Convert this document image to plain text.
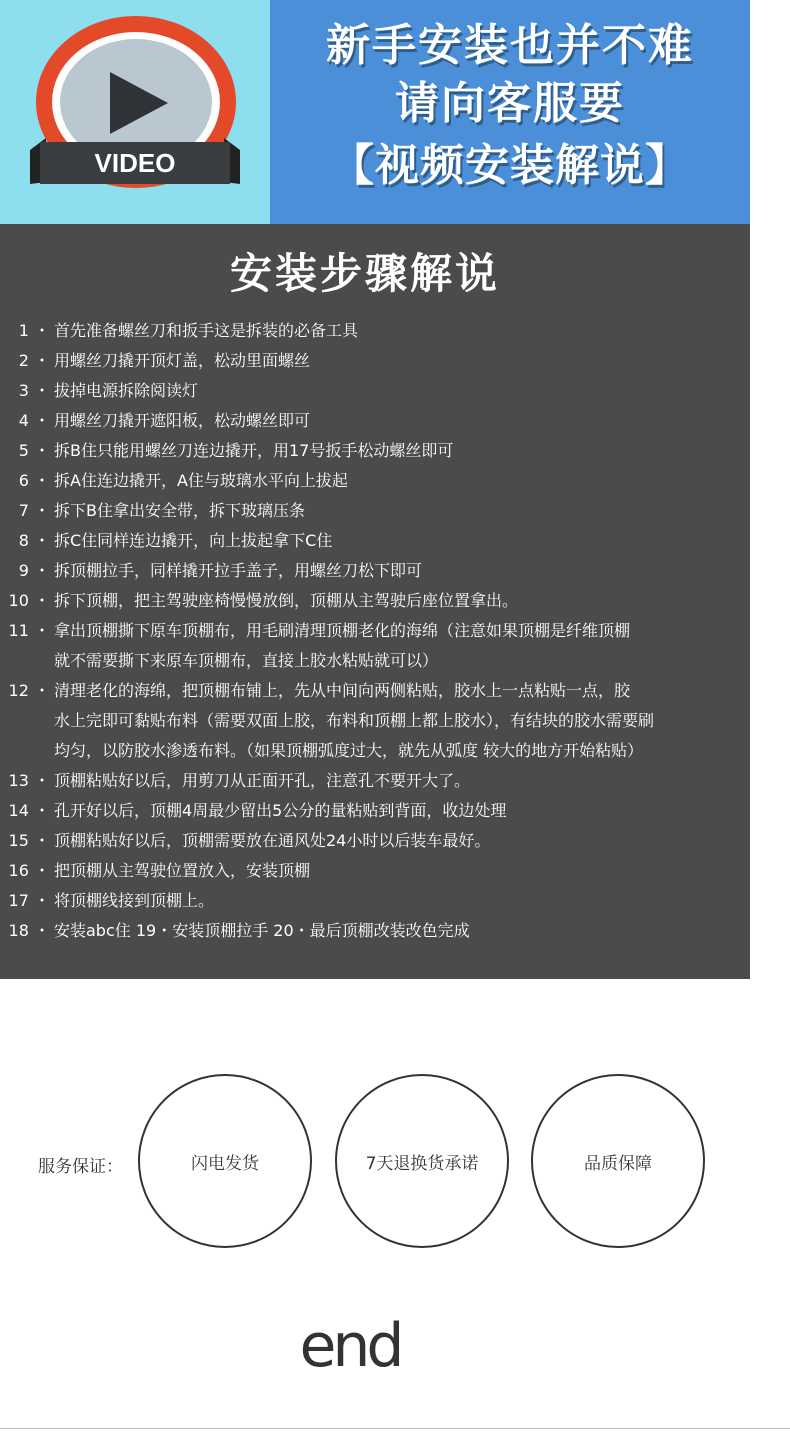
VIDEO
新手安装也并不难
请向客服要
【视频安装解说】
安装步骤解说
1 ・ 首先准备螺丝刀和扳手这是拆装的必备工具
2 ・ 用螺丝刀撬开顶灯盖，松动里面螺丝
3 ・ 拔掉电源拆除阅读灯
4 ・ 用螺丝刀撬开遮阳板，松动螺丝即可
5 ・ 拆B住只能用螺丝刀连边撬开，用17号扳手松动螺丝即可
6 ・ 拆A住连边撬开，A住与玻璃水平向上拔起
7 ・ 拆下B住拿出安全带，拆下玻璃压条
8 ・ 拆C住同样连边撬开，向上拔起拿下C住
9 ・ 拆顶棚拉手，同样撬开拉手盖子，用螺丝刀松下即可
10 ・ 拆下顶棚，把主驾驶座椅慢慢放倒，顶棚从主驾驶后座位置拿出。
11 ・ 拿出顶棚撕下原车顶棚布，用毛刷清理顶棚老化的海绵（注意如果顶棚是纤维顶棚
就不需要撕下来原车顶棚布，直接上胶水粘贴就可以）
12 ・ 清理老化的海绵，把顶棚布铺上，先从中间向两侧粘贴，胶水上一点粘贴一点，胶
水上完即可黏贴布料（需要双面上胶，布料和顶棚上都上胶水），有结块的胶水需要刷
均匀，以防胶水渗透布料。（如果顶棚弧度过大，就先从弧度 较大的地方开始粘贴）
13 ・ 顶棚粘贴好以后，用剪刀从正面开孔，注意孔不要开大了。
14 ・ 孔开好以后，顶棚4周最少留出5公分的量粘贴到背面，收边处理
15 ・ 顶棚粘贴好以后，顶棚需要放在通风处24小时以后装车最好。
16 ・ 把顶棚从主驾驶位置放入，安装顶棚
17 ・ 将顶棚线接到顶棚上。
18 ・ 安装abc住 19・安装顶棚拉手 20・最后顶棚改装改色完成
服务保证：	闪电发货	7天退换货承诺	品质保障
end
